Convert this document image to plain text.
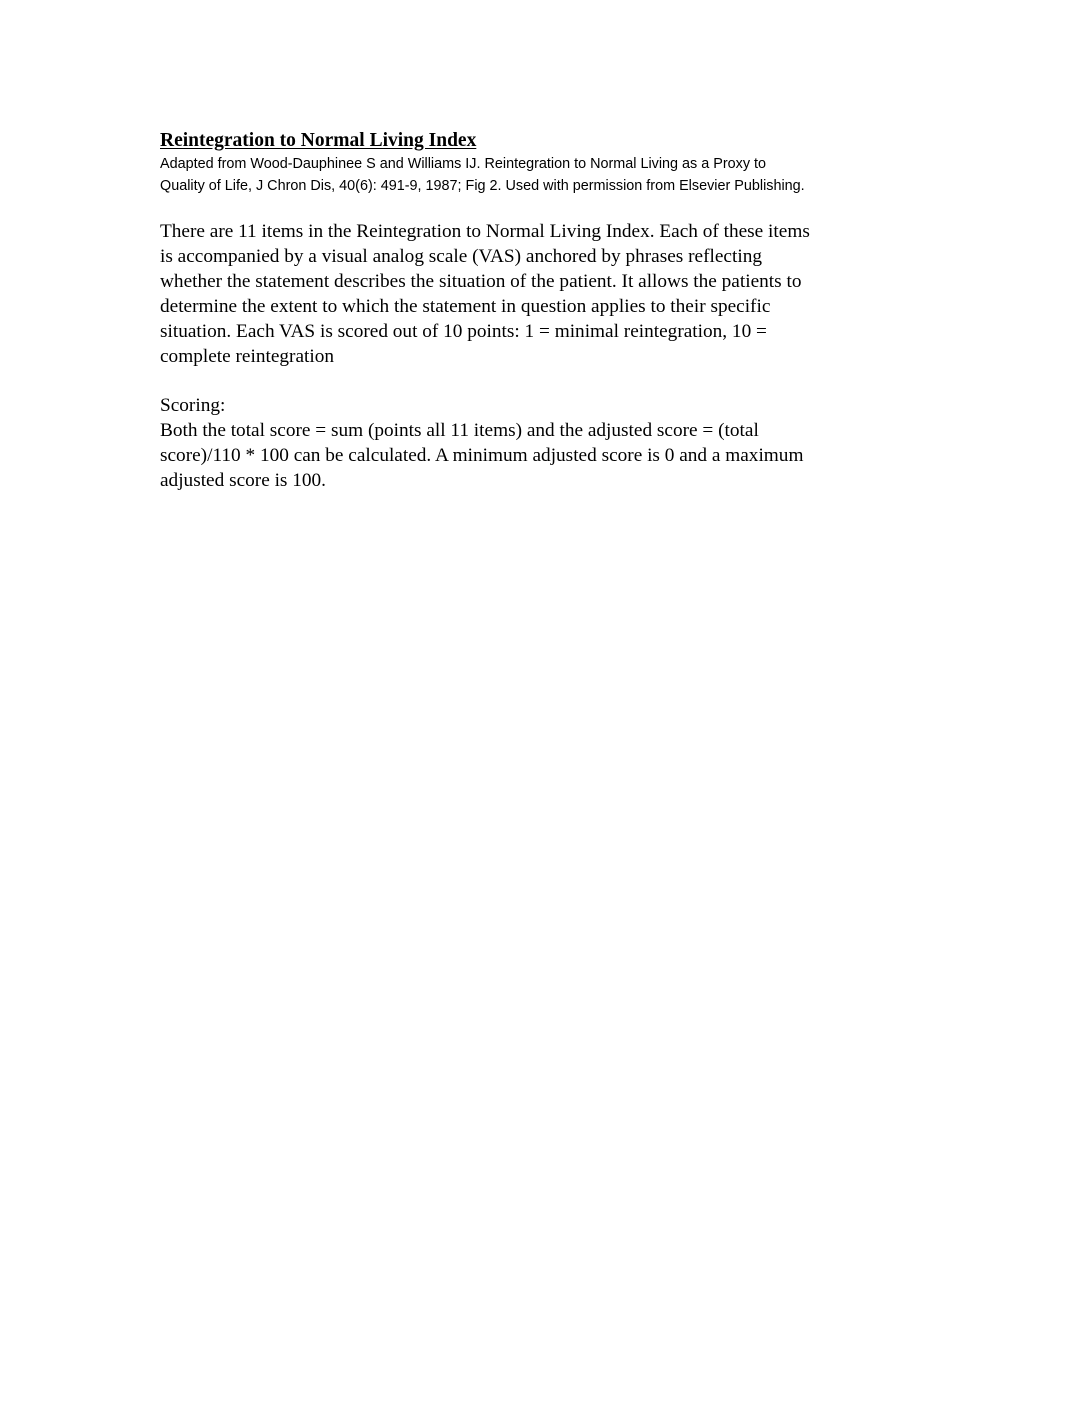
Reintegration to Normal Living Index

Adapted from Wood-Dauphinee S and Williams IJ. Reintegration to Normal Living as a Proxy to
Quality of Life, J Chron Dis, 40(6): 491-9, 1987; Fig 2. Used with permission from Elsevier Publishing.

There are 11 items in the Reintegration to Normal Living Index. Each of these items
is accompanied by a visual analog scale (VAS) anchored by phrases reflecting
whether the statement describes the situation of the patient. It allows the patients to
determine the extent to which the statement in question applies to their specific
situation. Each VAS is scored out of 10 points: 1 = minimal reintegration, 10 =
complete reintegration

Scoring:

Both the total score = sum (points all 11 items) and the adjusted score = (total
score)/110 * 100 can be calculated. A minimum adjusted score is 0 and a maximum
adjusted score is 100.
